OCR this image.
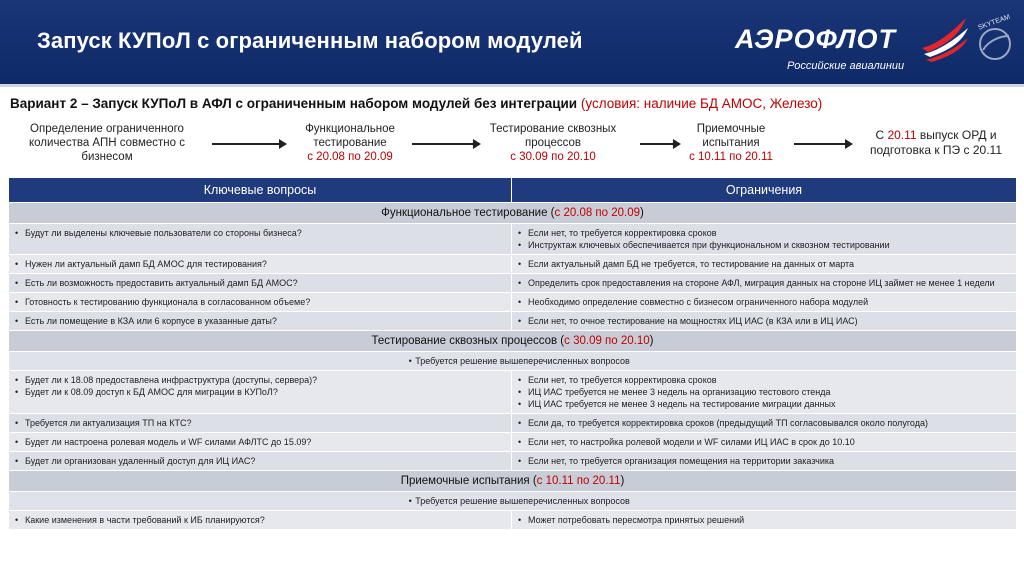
Запуск КУПоЛ с ограниченным набором модулей	АЭРОФЛОТ
Российские авиалинии
SKYTEAM
Вариант 2 – Запуск КУПоЛ в АФЛ с ограниченным набором модулей без интеграции (условия: наличие БД AMOC, Железо)
Определение ограниченного
количества АПН совместно с
бизнесом
Функциональное
тестирование
с 20.08 по 20.09
Тестирование сквозных
процессов
с 30.09 по 20.10
Приемочные
испытания
с 10.11 по 20.11
С 20.11 выпуск ОРД и
подготовка к ПЭ с 20.11
Ключевые вопросы	Ограничения
Функциональное тестирование (с 20.08 по 20.09)	

• Будут ли выделены ключевые пользователи со стороны бизнеса?	• Если нет, то требуется корректировка сроков
• Инструктаж ключевых обеспечивается при функциональном и сквозном тестировании

• Нужен ли актуальный дамп БД AMOC для тестирования?	• Если актуальный дамп БД не требуется, то тестирование на данных от марта

• Есть ли возможность предоставить актуальный дамп БД AMOC?	• Определить срок предоставления на стороне АФЛ, миграция данных на стороне ИЦ займет не менее 1 недели

• Готовность к тестированию функционала в согласованном объеме?	• Необходимо определение совместно с бизнесом ограниченного набора модулей

• Есть ли помещение в КЗА или 6 корпусе в указанные даты?	• Если нет, то очное тестирование на мощностях ИЦ ИАС (в КЗА или в ИЦ ИАС)

Тестирование сквозных процессов (с 30.09 по 20.10)	
• Требуется решение вышеперечисленных вопросов

• Будет ли к 18.08 предоставлена инфраструктура (доступы, сервера)?
• Будет ли к 08.09 доступ к БД AMOC для миграции в КУПоЛ?	• Если нет, то требуется корректировка сроков
• ИЦ ИАС требуется не менее 3 недель на организацию тестового стенда
• ИЦ ИАС требуется не менее 3 недель на тестирование миграции данных

• Требуется ли актуализация ТП на КТС?	• Если да, то требуется корректировка сроков (предыдущий ТП согласовывался около полугода)

• Будет ли настроена ролевая модель и WF силами АФЛТС до 15.09?	• Если нет, то настройка ролевой модели и WF силами ИЦ ИАС в срок до 10.10

• Будет ли организован удаленный доступ для ИЦ ИАС?	• Если нет, то требуется организация помещения на территории заказчика

Приемочные испытания (с 10.11 по 20.11)	
• Требуется решение вышеперечисленных вопросов

• Какие изменения в части требований к ИБ планируются?	• Может потребовать пересмотра принятых решений
